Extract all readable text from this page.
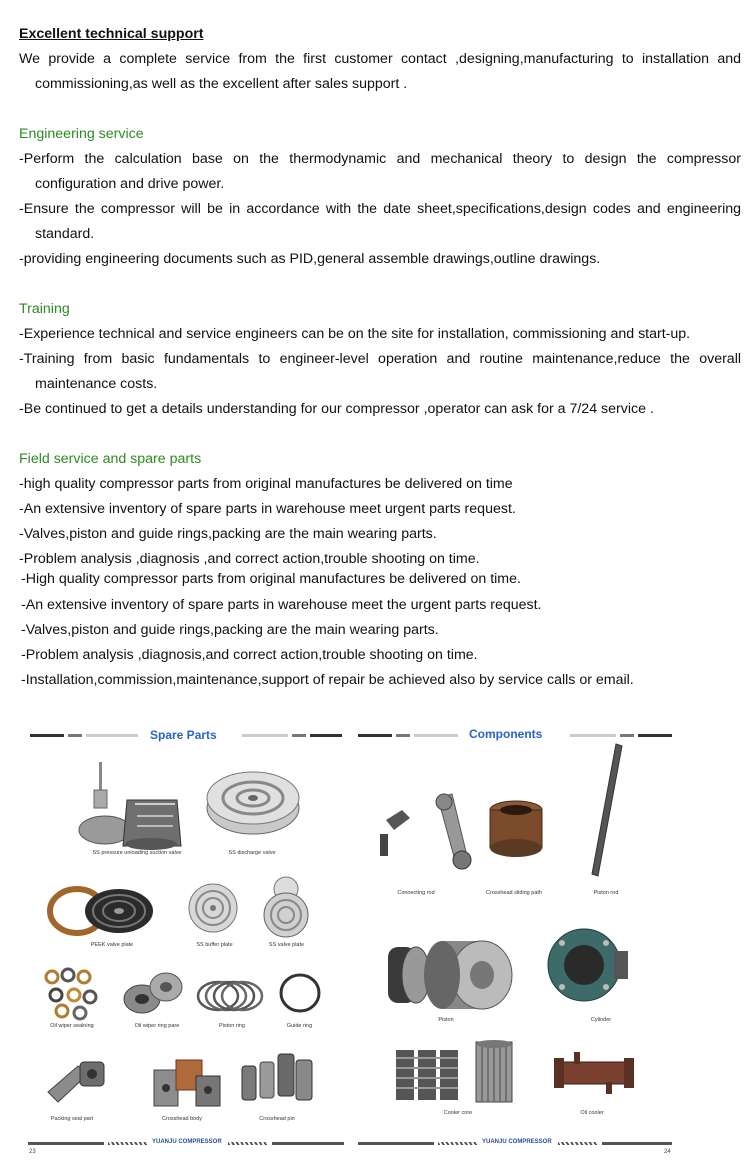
Excellent technical support
We provide a complete service from the first customer contact ,designing,manufacturing to installation and commissioning,as well as the excellent after sales support .
Engineering service
-Perform the calculation base on the thermodynamic and mechanical theory to design the compressor configuration and drive power.
-Ensure the compressor will be in accordance with the date sheet,specifications,design codes and engineering standard.
-providing engineering documents such as PID,general assemble drawings,outline drawings.
Training
-Experience technical and service engineers can be on the site for installation, commissioning and start-up.
-Training from basic fundamentals to engineer-level operation and routine maintenance,reduce the overall maintenance costs.
-Be continued to get a details understanding for our compressor ,operator can ask for a 7/24 service .
Field service and spare parts
-high quality compressor parts from original manufactures be delivered on time
-An extensive inventory of spare parts in warehouse meet urgent parts request.
-Valves,piston and guide rings,packing are the main wearing parts.
-Problem analysis ,diagnosis ,and correct action,trouble shooting on time.
-High quality compressor parts from original manufactures be delivered on time.
-An extensive inventory of spare parts in warehouse meet the urgent parts request.
-Valves,piston and guide rings,packing are the main wearing parts.
-Problem analysis ,diagnosis,and correct action,trouble shooting on time.
-Installation,commission,maintenance,support of repair be achieved also by service calls or email.
Spare Parts
SS pressure unloading suction valve	SS discharge valve
PEEK valve plate	SS buffer plate	SS valve plate
Oil wiper sealning	Oil wiper ring pare	Piston ring	Guide ring
Packing seal part	Crosshead body	Crosshead pin
YUANJU COMPRESSOR
23
Components
Connecting rod	Crosshead sliding path	Piston rod
Piston	Cylinder
Cooler core	Oil cooler
YUANJU COMPRESSOR
24
